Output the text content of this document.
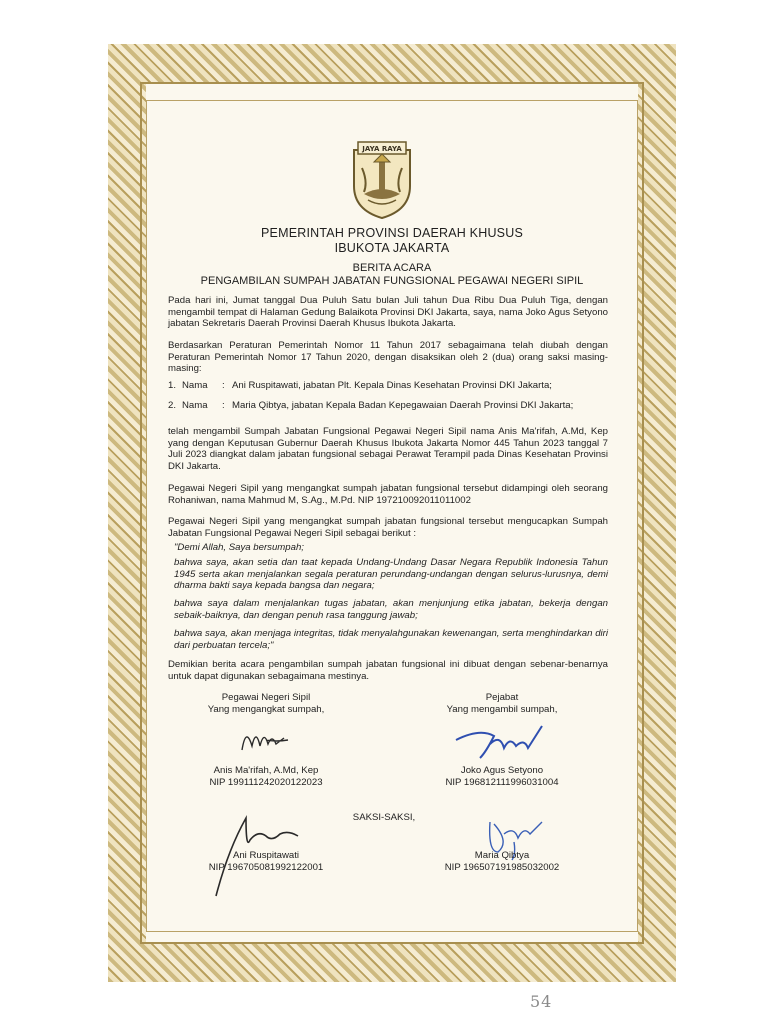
JAYA RAYA
PEMERINTAH PROVINSI DAERAH KHUSUS
IBUKOTA JAKARTA
BERITA ACARA
PENGAMBILAN SUMPAH JABATAN FUNGSIONAL PEGAWAI NEGERI SIPIL
Pada hari ini, Jumat tanggal Dua Puluh Satu bulan Juli tahun Dua Ribu Dua Puluh Tiga, dengan mengambil tempat di Halaman Gedung Balaikota Provinsi DKI Jakarta, saya, nama Joko Agus Setyono jabatan Sekretaris Daerah Provinsi Daerah Khusus Ibukota Jakarta.
Berdasarkan Peraturan Pemerintah Nomor 11 Tahun 2017 sebagaimana telah diubah dengan Peraturan Pemerintah Nomor 17 Tahun 2020, dengan disaksikan oleh 2 (dua) orang saksi masing-masing:
1. Nama : Ani Ruspitawati, jabatan Plt. Kepala Dinas Kesehatan Provinsi DKI Jakarta;
2. Nama : Maria Qibtya, jabatan Kepala Badan Kepegawaian Daerah Provinsi DKI Jakarta;
telah mengambil Sumpah Jabatan Fungsional Pegawai Negeri Sipil nama Anis Ma'rifah, A.Md, Kep yang dengan Keputusan Gubernur Daerah Khusus Ibukota Jakarta Nomor 445 Tahun 2023 tanggal 7 Juli 2023 diangkat dalam jabatan fungsional sebagai Perawat Terampil pada Dinas Kesehatan Provinsi DKI Jakarta.
Pegawai Negeri Sipil yang mengangkat sumpah jabatan fungsional tersebut didampingi oleh seorang Rohaniwan, nama Mahmud M, S.Ag., M.Pd. NIP 197210092011011002
Pegawai Negeri Sipil yang mengangkat sumpah jabatan fungsional tersebut mengucapkan Sumpah Jabatan Fungsional Pegawai Negeri Sipil sebagai berikut :
"Demi Allah, Saya bersumpah;
bahwa saya, akan setia dan taat kepada Undang-Undang Dasar Negara Republik Indonesia Tahun 1945 serta akan menjalankan segala peraturan perundang-undangan dengan selurus-lurusnya, demi dharma bakti saya kepada bangsa dan negara;
bahwa saya dalam menjalankan tugas jabatan, akan menjunjung etika jabatan, bekerja dengan sebaik-baiknya, dan dengan penuh rasa tanggung jawab;
bahwa saya, akan menjaga integritas, tidak menyalahgunakan kewenangan, serta menghindarkan diri dari perbuatan tercela;"
Demikian berita acara pengambilan sumpah jabatan fungsional ini dibuat dengan sebenar-benarnya untuk dapat digunakan sebagaimana mestinya.
Pegawai Negeri Sipil
Yang mengangkat sumpah,
Pejabat
Yang mengambil sumpah,
Anis Ma'rifah, A.Md, Kep
NIP 199111242020122023
Joko Agus Setyono
NIP 196812111996031004
SAKSI-SAKSI,
Ani Ruspitawati
NIP 196705081992122001
Maria Qibtya
NIP 196507191985032002
54
